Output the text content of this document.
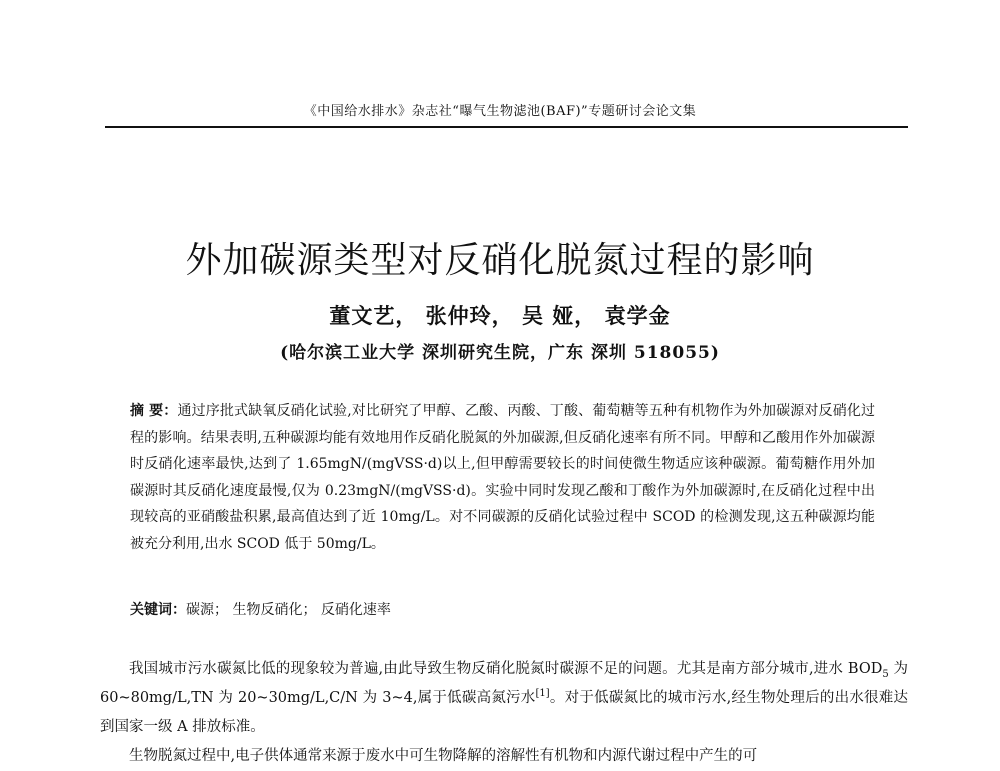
《中国给水排水》杂志社“曝气生物滤池(BAF)”专题研讨会论文集
外加碳源类型对反硝化脱氮过程的影响
董文艺， 张仲玲， 吴 娅， 袁学金
(哈尔滨工业大学 深圳研究生院，广东 深圳 518055)
摘 要：通过序批式缺氧反硝化试验,对比研究了甲醇、乙酸、丙酸、丁酸、葡萄糖等五种有机物作为外加碳源对反硝化过程的影响。结果表明,五种碳源均能有效地用作反硝化脱氮的外加碳源,但反硝化速率有所不同。甲醇和乙酸用作外加碳源时反硝化速率最快,达到了 1.65mgN/(mgVSS·d)以上,但甲醇需要较长的时间使微生物适应该种碳源。葡萄糖作用外加碳源时其反硝化速度最慢,仅为 0.23mgN/(mgVSS·d)。实验中同时发现乙酸和丁酸作为外加碳源时,在反硝化过程中出现较高的亚硝酸盐积累,最高值达到了近 10mg/L。对不同碳源的反硝化试验过程中 SCOD 的检测发现,这五种碳源均能被充分利用,出水 SCOD 低于 50mg/L。
关键词：碳源； 生物反硝化； 反硝化速率

我国城市污水碳氮比低的现象较为普遍,由此导致生物反硝化脱氮时碳源不足的问题。尤其是南方部分城市,进水 $BOD_5$ 为 60~80mg/L,TN 为 20~30mg/L,C/N 为 3~4,属于低碳高氮污水[1]。对于低碳氮比的城市污水,经生物处理后的出水很难达到国家一级 A 排放标准。

生物脱氮过程中,电子供体通常来源于废水中可生物降解的溶解性有机物和内源代谢过程中产生的可
